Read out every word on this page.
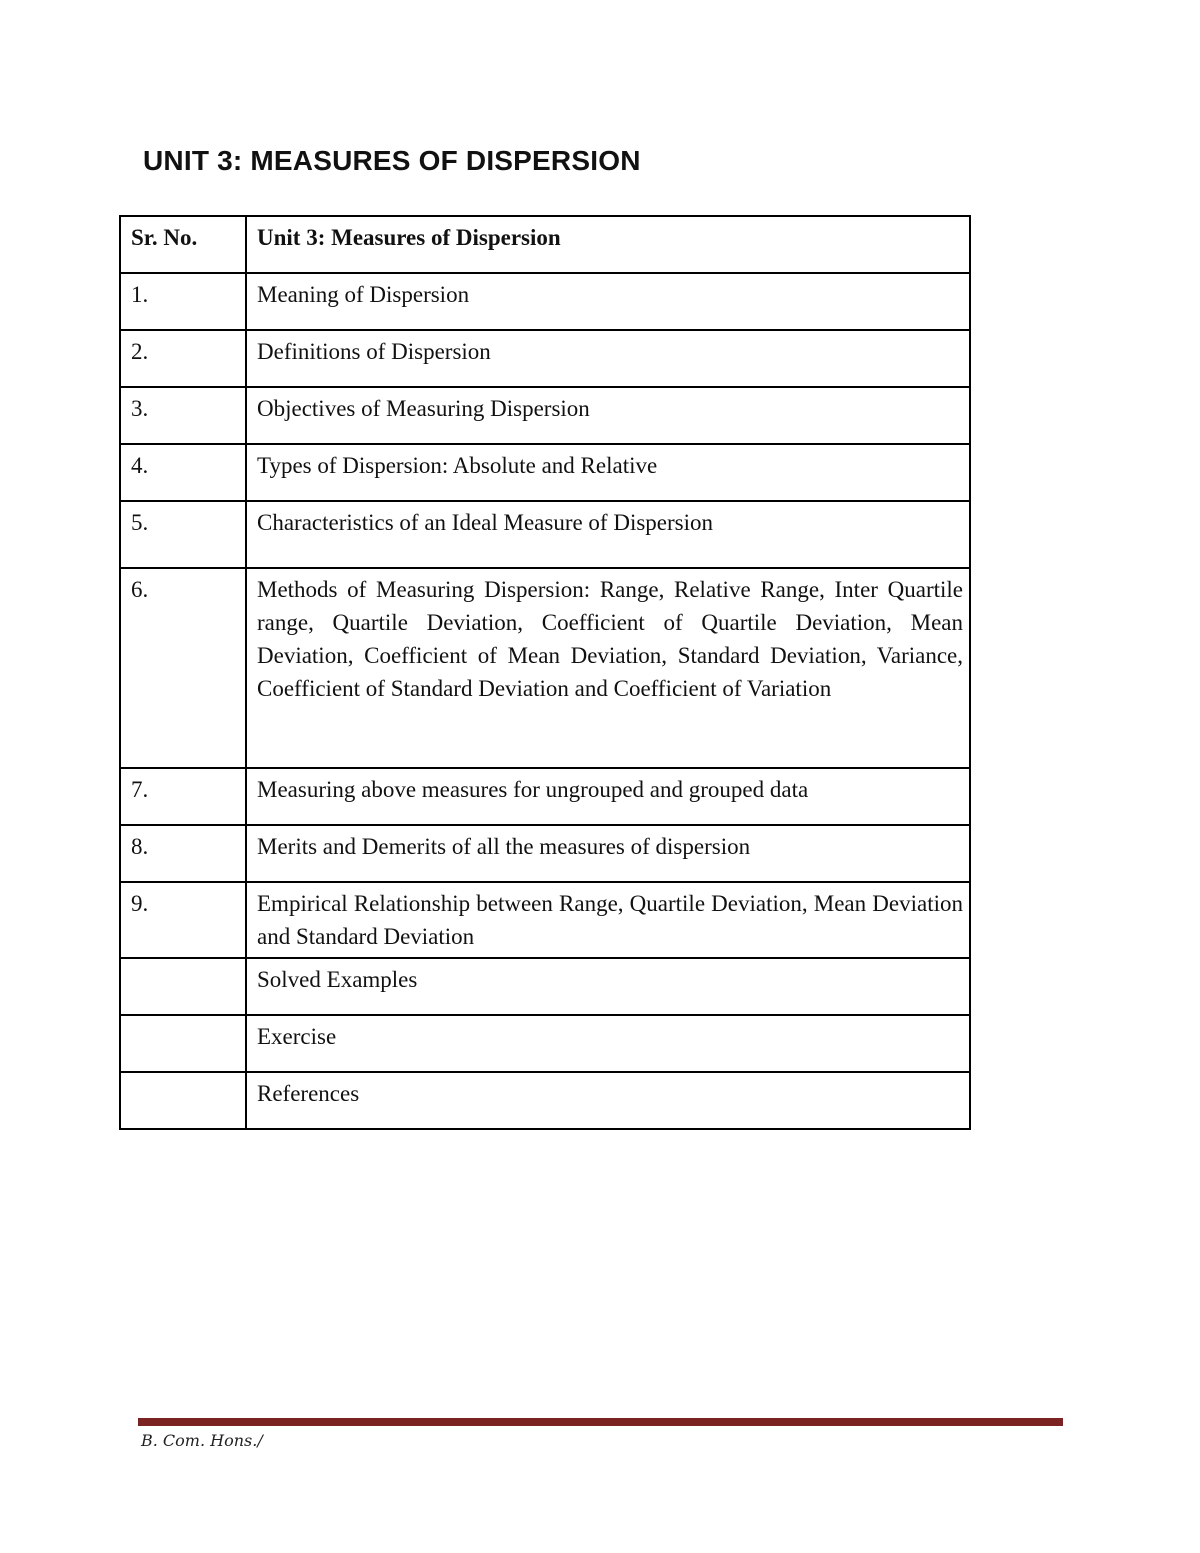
UNIT 3: MEASURES OF DISPERSION
Sr. No.	Unit 3: Measures of Dispersion
1.	Meaning of Dispersion
2.	Definitions of Dispersion
3.	Objectives of Measuring Dispersion
4.	Types of Dispersion: Absolute and Relative
5.	Characteristics of an Ideal Measure of Dispersion
6.	Methods of Measuring Dispersion: Range, Relative Range, Inter Quartile range, Quartile Deviation, Coefficient of Quartile Deviation, Mean Deviation, Coefficient of Mean Deviation, Standard Deviation, Variance, Coefficient of Standard Deviation and Coefficient of Variation
7.	Measuring above measures for ungrouped and grouped data
8.	Merits and Demerits of all the measures of dispersion
9.	Empirical Relationship between Range, Quartile Deviation, Mean Deviation and Standard Deviation
	Solved Examples
	Exercise
	References
B. Com. Hons./
